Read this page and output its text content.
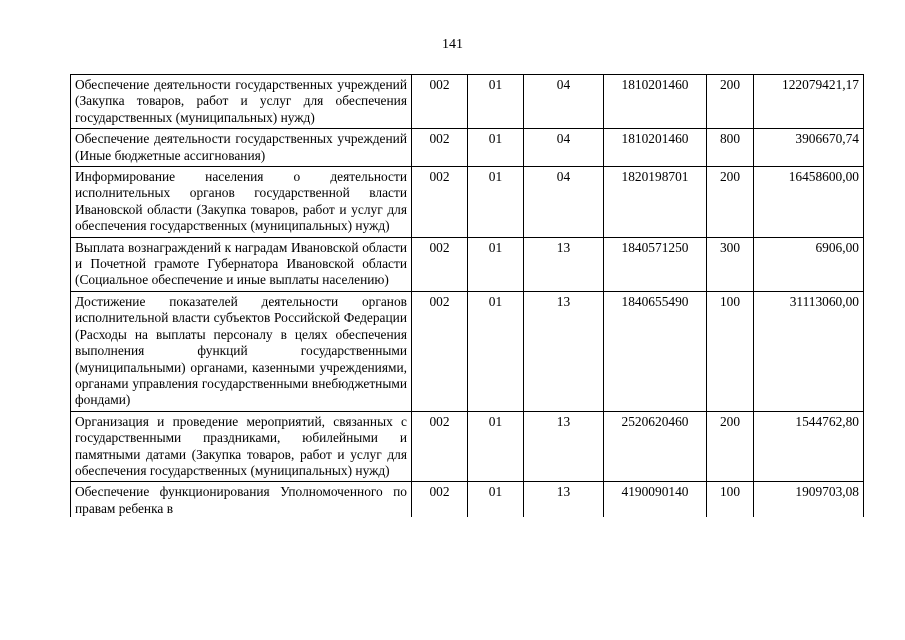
141
Обеспечение деятельности государственных учреждений (Закупка товаров, работ и услуг для обеспечения государственных (муниципальных) нужд)	002	01	04	1810201460	200	122079421,17
Обеспечение деятельности государственных учреждений (Иные бюджетные ассигнования)	002	01	04	1810201460	800	3906670,74
Информирование населения о деятельности исполнительных органов государственной власти Ивановской области (Закупка товаров, работ и услуг для обеспечения государственных (муниципальных) нужд)	002	01	04	1820198701	200	16458600,00
Выплата вознаграждений к наградам Ивановской области и Почетной грамоте Губернатора Ивановской области (Социальное обеспечение и иные выплаты населению)	002	01	13	1840571250	300	6906,00
Достижение показателей деятельности органов исполнительной власти субъектов Российской Федерации (Расходы на выплаты персоналу в целях обеспечения выполнения функций государственными (муниципальными) органами, казенными учреждениями, органами управления государственными внебюджетными фондами)	002	01	13	1840655490	100	31113060,00
Организация и проведение мероприятий, связанных с государственными праздниками, юбилейными и памятными датами (Закупка товаров, работ и услуг для обеспечения государственных (муниципальных) нужд)	002	01	13	2520620460	200	1544762,80
Обеспечение функционирования Уполномоченного по правам ребенка в	002	01	13	4190090140	100	1909703,08
